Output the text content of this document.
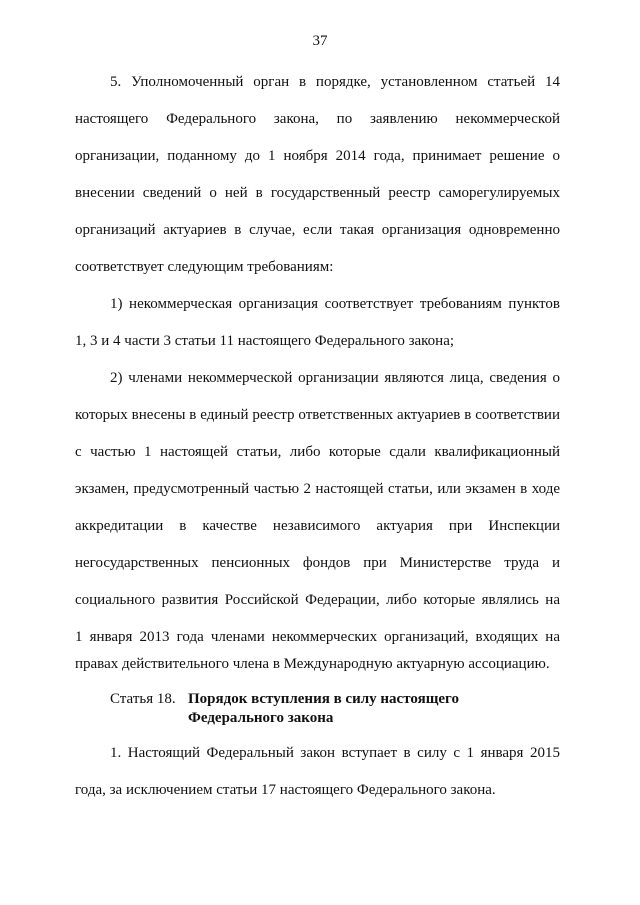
37
5. Уполномоченный орган в порядке, установленном статьей 14
настоящего Федерального закона, по заявлению некоммерческой
организации, поданному до 1 ноября 2014 года, принимает решение о
внесении сведений о ней в государственный реестр саморегулируемых
организаций актуариев в случае, если такая организация одновременно
соответствует следующим требованиям:
1) некоммерческая организация соответствует требованиям пунктов
1, 3 и 4 части 3 статьи 11 настоящего Федерального закона;
2) членами некоммерческой организации являются лица, сведения о
которых внесены в единый реестр ответственных актуариев в соответствии
с частью 1 настоящей статьи, либо которые сдали квалификационный
экзамен, предусмотренный частью 2 настоящей статьи, или экзамен в ходе
аккредитации в качестве независимого актуария при Инспекции
негосударственных пенсионных фондов при Министерстве труда и
социального развития Российской Федерации, либо которые являлись на
1 января 2013 года членами некоммерческих организаций, входящих на
правах действительного члена в Международную актуарную ассоциацию.
Статья 18. Порядок вступления в силу настоящего Федерального закона
1. Настоящий Федеральный закон вступает в силу с 1 января 2015
года, за исключением статьи 17 настоящего Федерального закона.
